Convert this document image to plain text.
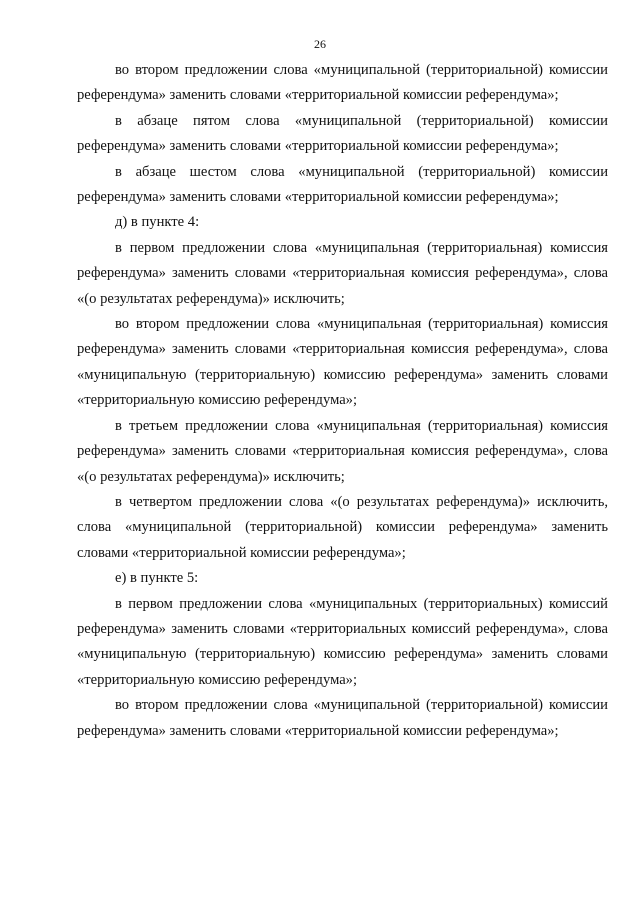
26

во втором предложении слова «муниципальной (территориальной) комиссии референдума» заменить словами «территориальной комиссии референдума»;

в абзаце пятом слова «муниципальной (территориальной) комиссии референдума» заменить словами «территориальной комиссии референдума»;

в абзаце шестом слова «муниципальной (территориальной) комиссии референдума» заменить словами «территориальной комиссии референдума»;

д) в пункте 4:

в первом предложении слова «муниципальная (территориальная) комиссия референдума» заменить словами «территориальная комиссия референдума», слова «(о результатах референдума)» исключить;

во втором предложении слова «муниципальная (территориальная) комиссия референдума» заменить словами «территориальная комиссия референдума», слова «муниципальную (территориальную) комиссию референдума» заменить словами «территориальную комиссию референдума»;

в третьем предложении слова «муниципальная (территориальная) комиссия референдума» заменить словами «территориальная комиссия референдума», слова «(о результатах референдума)» исключить;

в четвертом предложении слова «(о результатах референдума)» исключить, слова «муниципальной (территориальной) комиссии референдума» заменить словами «территориальной комиссии референдума»;

е) в пункте 5:

в первом предложении слова «муниципальных (территориальных) комиссий референдума» заменить словами «территориальных комиссий референдума», слова «муниципальную (территориальную) комиссию референдума» заменить словами «территориальную комиссию референдума»;

во втором предложении слова «муниципальной (территориальной) комиссии референдума» заменить словами «территориальной комиссии референдума»;
